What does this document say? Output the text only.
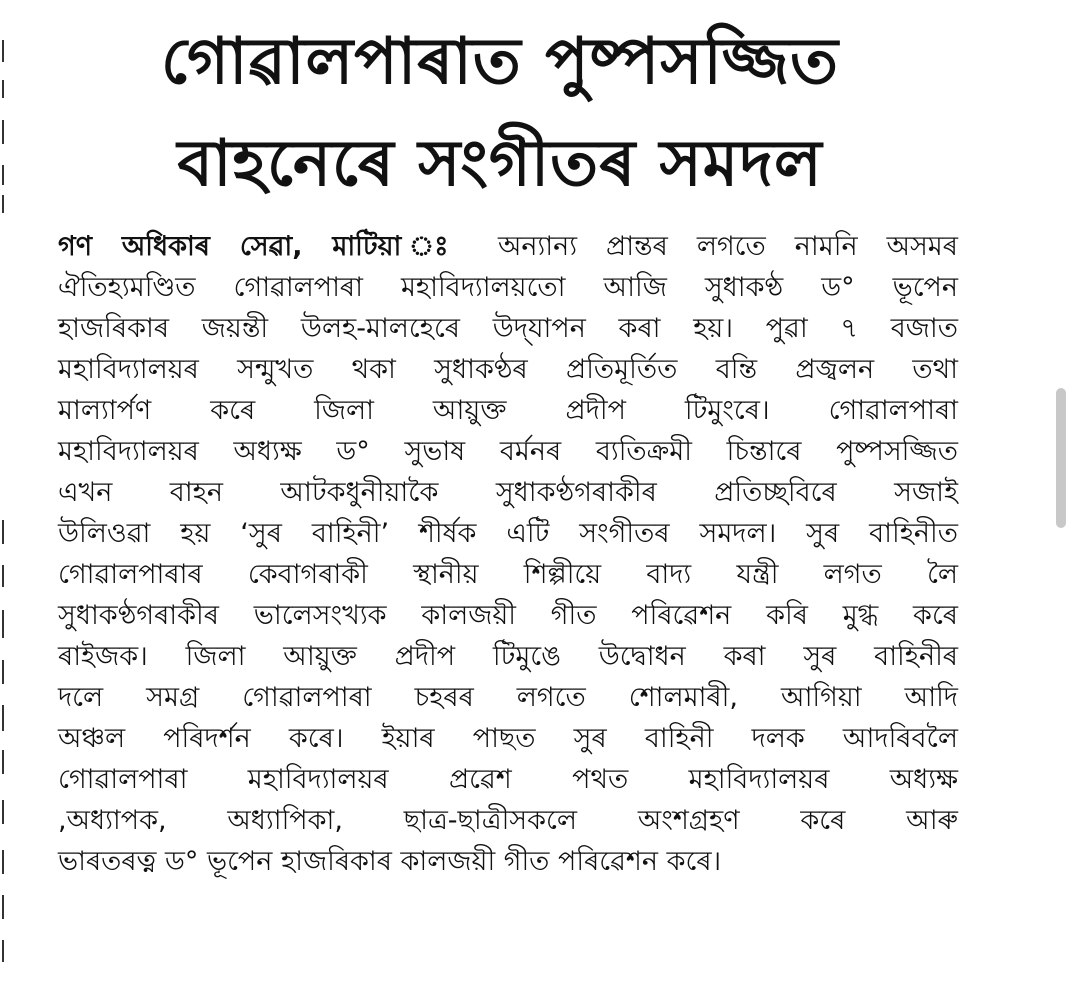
গোৱালপাৰাত পুষ্পসজ্জিত
বাহনেৰে সংগীতৰ সমদল
গণ অধিকাৰ সেৱা, মাটিয়া ঃ অন্যান্য প্ৰান্তৰ লগতে নামনি অসমৰ
ঐতিহ্যমণ্ডিত গোৱালপাৰা মহাবিদ্যালয়তো আজি সুধাকণ্ঠ ড° ভূপেন
হাজৰিকাৰ জয়ন্তী উলহ-মালহেৰে উদ্‌যাপন কৰা হয়। পুৱা ৭ বজাত
মহাবিদ্যালয়ৰ সন্মুখত থকা সুধাকণ্ঠৰ প্ৰতিমূৰ্তিত বন্তি প্ৰজ্বলন তথা
মাল্যাৰ্পণ কৰে জিলা আয়ুক্ত প্ৰদীপ টিমুংৰে। গোৱালপাৰা
মহাবিদ্যালয়ৰ অধ্যক্ষ ড° সুভাষ বৰ্মনৰ ব্যতিক্ৰমী চিন্তাৰে পুষ্পসজ্জিত
এখন বাহন আটকধুনীয়াকৈ সুধাকণ্ঠগৰাকীৰ প্ৰতিচ্ছবিৰে সজাই
উলিওৱা হয় ‘সুৰ বাহিনী’ শীৰ্ষক এটি সংগীতৰ সমদল। সুৰ বাহিনীত
গোৱালপাৰাৰ কেবাগৰাকী স্থানীয় শিল্পীয়ে বাদ্য যন্ত্ৰী লগত লৈ
সুধাকণ্ঠগৰাকীৰ ভালেসংখ্যক কালজয়ী গীত পৰিৱেশন কৰি মুগ্ধ কৰে
ৰাইজক। জিলা আয়ুক্ত প্ৰদীপ টিমুঙে উদ্বোধন কৰা সুৰ বাহিনীৰ
দলে সমগ্ৰ গোৱালপাৰা চহৰৰ লগতে শোলমাৰী, আগিয়া আদি
অঞ্চল পৰিদৰ্শন কৰে। ইয়াৰ পাছত সুৰ বাহিনী দলক আদৰিবলৈ
গোৱালপাৰা মহাবিদ্যালয়ৰ প্ৰৱেশ পথত মহাবিদ্যালয়ৰ অধ্যক্ষ
,অধ্যাপক, অধ্যাপিকা, ছাত্ৰ-ছাত্ৰীসকলে অংশগ্ৰহণ কৰে আৰু
ভাৰতৰত্ন ড° ভূপেন হাজৰিকাৰ কালজয়ী গীত পৰিৱেশন কৰে।
